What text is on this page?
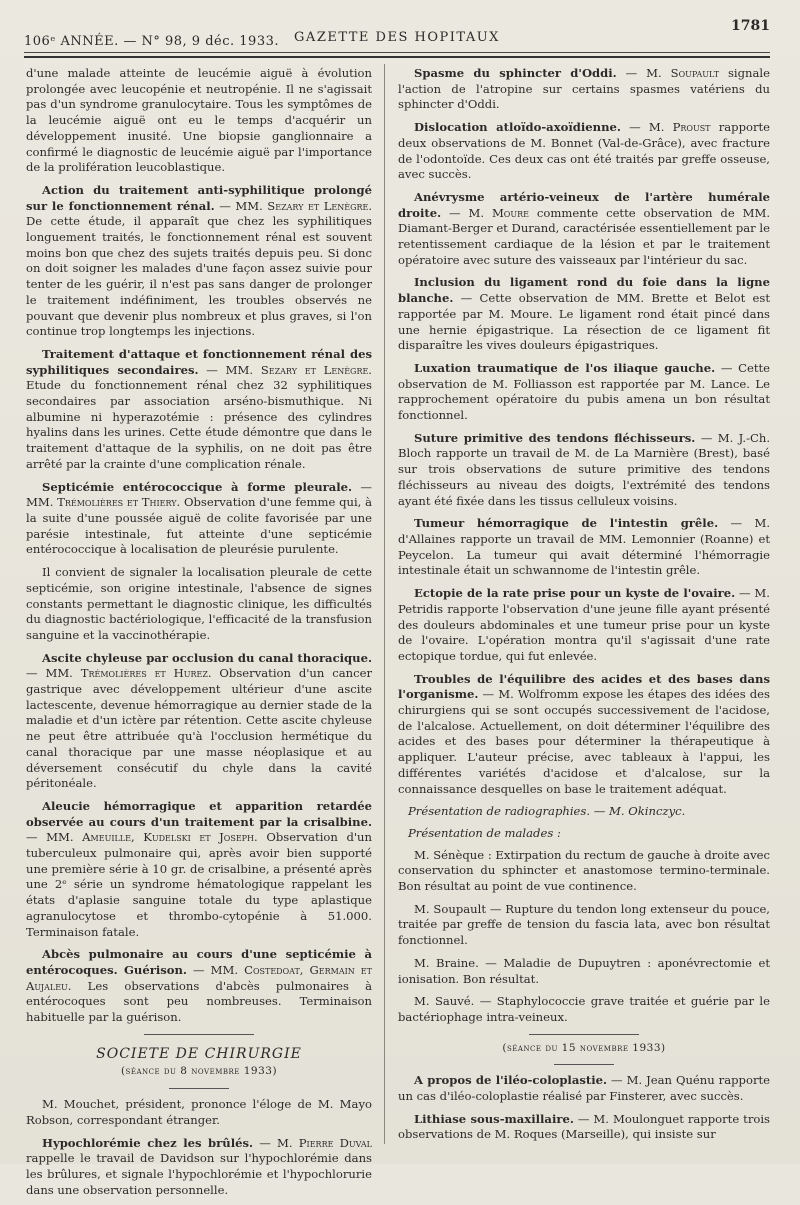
106ᵉ ANNÉE. — N° 98, 9 déc. 1933.	GAZETTE DES HOPITAUX
1781

d'une malade atteinte de leucémie aiguë à évolution prolongée avec leucopénie et neutropénie. Il ne s'agissait pas d'un syndrome granulocytaire. Tous les symptômes de la leucémie aiguë ont eu le temps d'acquérir un développement inusité. Une biopsie ganglionnaire a confirmé le diagnostic de leucémie aiguë par l'importance de la prolifération leucoblastique.

Action du traitement anti-syphilitique prolongé sur le fonctionnement rénal. — MM. Sezary et Lenègre. De cette étude, il apparaît que chez les syphilitiques longuement traités, le fonctionnement rénal est souvent moins bon que chez des sujets traités depuis peu. Si donc on doit soigner les malades d'une façon assez suivie pour tenter de les guérir, il n'est pas sans danger de prolonger le traitement indéfiniment, les troubles observés ne pouvant que devenir plus nombreux et plus graves, si l'on continue trop longtemps les injections.

Traitement d'attaque et fonctionnement rénal des syphilitiques secondaires. — MM. Sezary et Lenègre. Etude du fonctionnement rénal chez 32 syphilitiques secondaires par association arséno-bismuthique. Ni albumine ni hyperazotémie : présence des cylindres hyalins dans les urines. Cette étude démontre que dans le traitement d'attaque de la syphilis, on ne doit pas être arrêté par la crainte d'une complication rénale.

Septicémie entérococcique à forme pleurale. — MM. Trémolières et Thiery. Observation d'une femme qui, à la suite d'une poussée aiguë de colite favorisée par une parésie intestinale, fut atteinte d'une septicémie entérococcique à localisation de pleurésie purulente.

Il convient de signaler la localisation pleurale de cette septicémie, son origine intestinale, l'absence de signes constants permettant le diagnostic clinique, les difficultés du diagnostic bactériologique, l'efficacité de la transfusion sanguine et la vaccinothérapie.

Ascite chyleuse par occlusion du canal thoracique. — MM. Trémolières et Hurez. Observation d'un cancer gastrique avec développement ultérieur d'une ascite lactescente, devenue hémorragique au dernier stade de la maladie et d'un ictère par rétention. Cette ascite chyleuse ne peut être attribuée qu'à l'occlusion hermétique du canal thoracique par une masse néoplasique et au déversement consécutif du chyle dans la cavité péritonéale.

Aleucie hémorragique et apparition retardée observée au cours d'un traitement par la crisalbine. — MM. Ameuille, Kudelski et Joseph. Observation d'un tuberculeux pulmonaire qui, après avoir bien supporté une première série à 10 gr. de crisalbine, a présenté après une 2ᵉ série un syndrome hématologique rappelant les états d'aplasie sanguine totale du type aplastique agranulocytose et thrombo-cytopénie à 51.000. Terminaison fatale.

Abcès pulmonaire au cours d'une septicémie à entérocoques. Guérison. — MM. Costedoat, Germain et Aujaleu. Les observations d'abcès pulmonaires à entérocoques sont peu nombreuses. Terminaison habituelle par la guérison.

SOCIETE DE CHIRURGIE
(séance du 8 novembre 1933)

M. Mouchet, président, prononce l'éloge de M. Mayo Robson, correspondant étranger.

Hypochlorémie chez les brûlés. — M. Pierre Duval rappelle le travail de Davidson sur l'hypochlorémie dans les brûlures, et signale l'hypochlorémie et l'hypochlorurie dans une observation personnelle.

Spasme du sphincter d'Oddi. — M. Soupault signale l'action de l'atropine sur certains spasmes vatériens du sphincter d'Oddi.

Dislocation atloïdo-axoïdienne. — M. Proust rapporte deux observations de M. Bonnet (Val-de-Grâce), avec fracture de l'odontoïde. Ces deux cas ont été traités par greffe osseuse, avec succès.

Anévrysme artério-veineux de l'artère humérale droite. — M. Moure commente cette observation de MM. Diamant-Berger et Durand, caractérisée essentiellement par le retentissement cardiaque de la lésion et par le traitement opératoire avec suture des vaisseaux par l'intérieur du sac.

Inclusion du ligament rond du foie dans la ligne blanche. — Cette observation de MM. Brette et Belot est rapportée par M. Moure. Le ligament rond était pincé dans une hernie épigastrique. La résection de ce ligament fit disparaître les vives douleurs épigastriques.

Luxation traumatique de l'os iliaque gauche. — Cette observation de M. Folliasson est rapportée par M. Lance. Le rapprochement opératoire du pubis amena un bon résultat fonctionnel.

Suture primitive des tendons fléchisseurs. — M. J.-Ch. Bloch rapporte un travail de M. de La Marnière (Brest), basé sur trois observations de suture primitive des tendons fléchisseurs au niveau des doigts, l'extrémité des tendons ayant été fixée dans les tissus celluleux voisins.

Tumeur hémorragique de l'intestin grêle. — M. d'Allaines rapporte un travail de MM. Lemonnier (Roanne) et Peycelon. La tumeur qui avait déterminé l'hémorragie intestinale était un schwannome de l'intestin grêle.

Ectopie de la rate prise pour un kyste de l'ovaire. — M. Petridis rapporte l'observation d'une jeune fille ayant présenté des douleurs abdominales et une tumeur prise pour un kyste de l'ovaire. L'opération montra qu'il s'agissait d'une rate ectopique tordue, qui fut enlevée.

Troubles de l'équilibre des acides et des bases dans l'organisme. — M. Wolfromm expose les étapes des idées des chirurgiens qui se sont occupés successivement de l'acidose, de l'alcalose. Actuellement, on doit déterminer l'équilibre des acides et des bases pour déterminer la thérapeutique à appliquer. L'auteur précise, avec tableaux à l'appui, les différentes variétés d'acidose et d'alcalose, sur la connaissance desquelles on base le traitement adéquat.

Présentation de radiographies. — M. Okinczyc.

Présentation de malades :

M. Sénèque : Extirpation du rectum de gauche à droite avec conservation du sphincter et anastomose termino-terminale. Bon résultat au point de vue continence.

M. Soupault — Rupture du tendon long extenseur du pouce, traitée par greffe de tension du fascia lata, avec bon résultat fonctionnel.

M. Braine. — Maladie de Dupuytren : aponévrectomie et ionisation. Bon résultat.

M. Sauvé. — Staphylococcie grave traitée et guérie par le bactériophage intra-veineux.

(séance du 15 novembre 1933)

A propos de l'iléo-coloplastie. — M. Jean Quénu rapporte un cas d'iléo-coloplastie réalisé par Finsterer, avec succès.

Lithiase sous-maxillaire. — M. Moulonguet rapporte trois observations de M. Roques (Marseille), qui insiste sur
